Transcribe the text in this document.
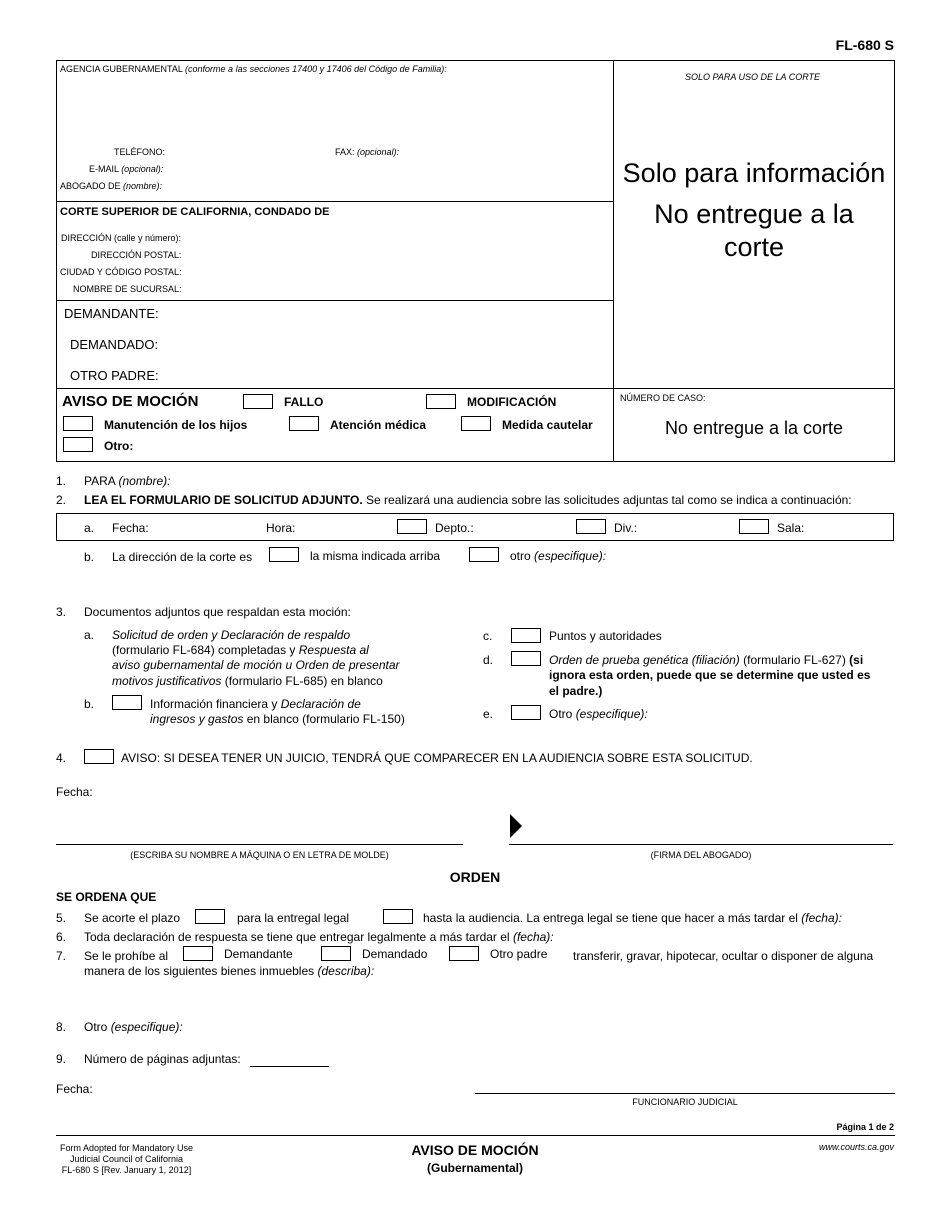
FL-680 S
AGENCIA GUBERNAMENTAL (conforme a las secciones 17400 y 17406 del Código de Familia):
TELÉFONO:	FAX: (opcional):
E-MAIL (opcional):
ABOGADO DE (nombre):
SOLO PARA USO DE LA CORTE
Solo para información
No entregue a la
corte
CORTE SUPERIOR DE CALIFORNIA, CONDADO DE
DIRECCIÓN (calle y número):
DIRECCIÓN POSTAL:
CIUDAD Y CÓDIGO POSTAL:
NOMBRE DE SUCURSAL:
DEMANDANTE:
DEMANDADO:
OTRO PADRE:
AVISO DE MOCIÓN	FALLO	MODIFICACIÓN
Manutención de los hijos	Atención médica	Medida cautelar
Otro:
NÚMERO DE CASO:
No entregue a la corte
1. PARA (nombre):
2. LEA EL FORMULARIO DE SOLICITUD ADJUNTO. Se realizará una audiencia sobre las solicitudes adjuntas tal como se indica a continuación:
a. Fecha:	Hora:	Depto.:	Div.:	Sala:
b. La dirección de la corte es	la misma indicada arriba	otro (especifique):
3. Documentos adjuntos que respaldan esta moción:
a. Solicitud de orden y Declaración de respaldo
(formulario FL-684) completadas y Respuesta al
aviso gubernamental de moción u Orden de presentar
motivos justificativos (formulario FL-685) en blanco
b.	Información financiera y Declaración de
ingresos y gastos en blanco (formulario FL-150)
c.	Puntos y autoridades
d.	Orden de prueba genética (filiación) (formulario FL-627) (si
ignora esta orden, puede que se determine que usted es
el padre.)
e.	Otro (especifique):
4.	AVISO: SI DESEA TENER UN JUICIO, TENDRÁ QUE COMPARECER EN LA AUDIENCIA SOBRE ESTA SOLICITUD.
Fecha:
(ESCRIBA SU NOMBRE A MÁQUINA O EN LETRA DE MOLDE)	(FIRMA DEL ABOGADO)
ORDEN
SE ORDENA QUE
5. Se acorte el plazo	para la entregal legal	hasta la audiencia. La entrega legal se tiene que hacer a más tardar el (fecha):
6. Toda declaración de respuesta se tiene que entregar legalmente a más tardar el (fecha):
7. Se le prohíbe al	Demandante	Demandado	Otro padre transferir, gravar, hipotecar, ocultar o disponer de alguna
manera de los siguientes bienes inmuebles (describa):
8. Otro (especifique):
9. Número de páginas adjuntas:
Fecha:
FUNCIONARIO JUDICIAL
Página 1 de 2
Form Adopted for Mandatory Use
Judicial Council of California
FL-680 S [Rev. January 1, 2012]
AVISO DE MOCIÓN
(Gubernamental)
www.courts.ca.gov
